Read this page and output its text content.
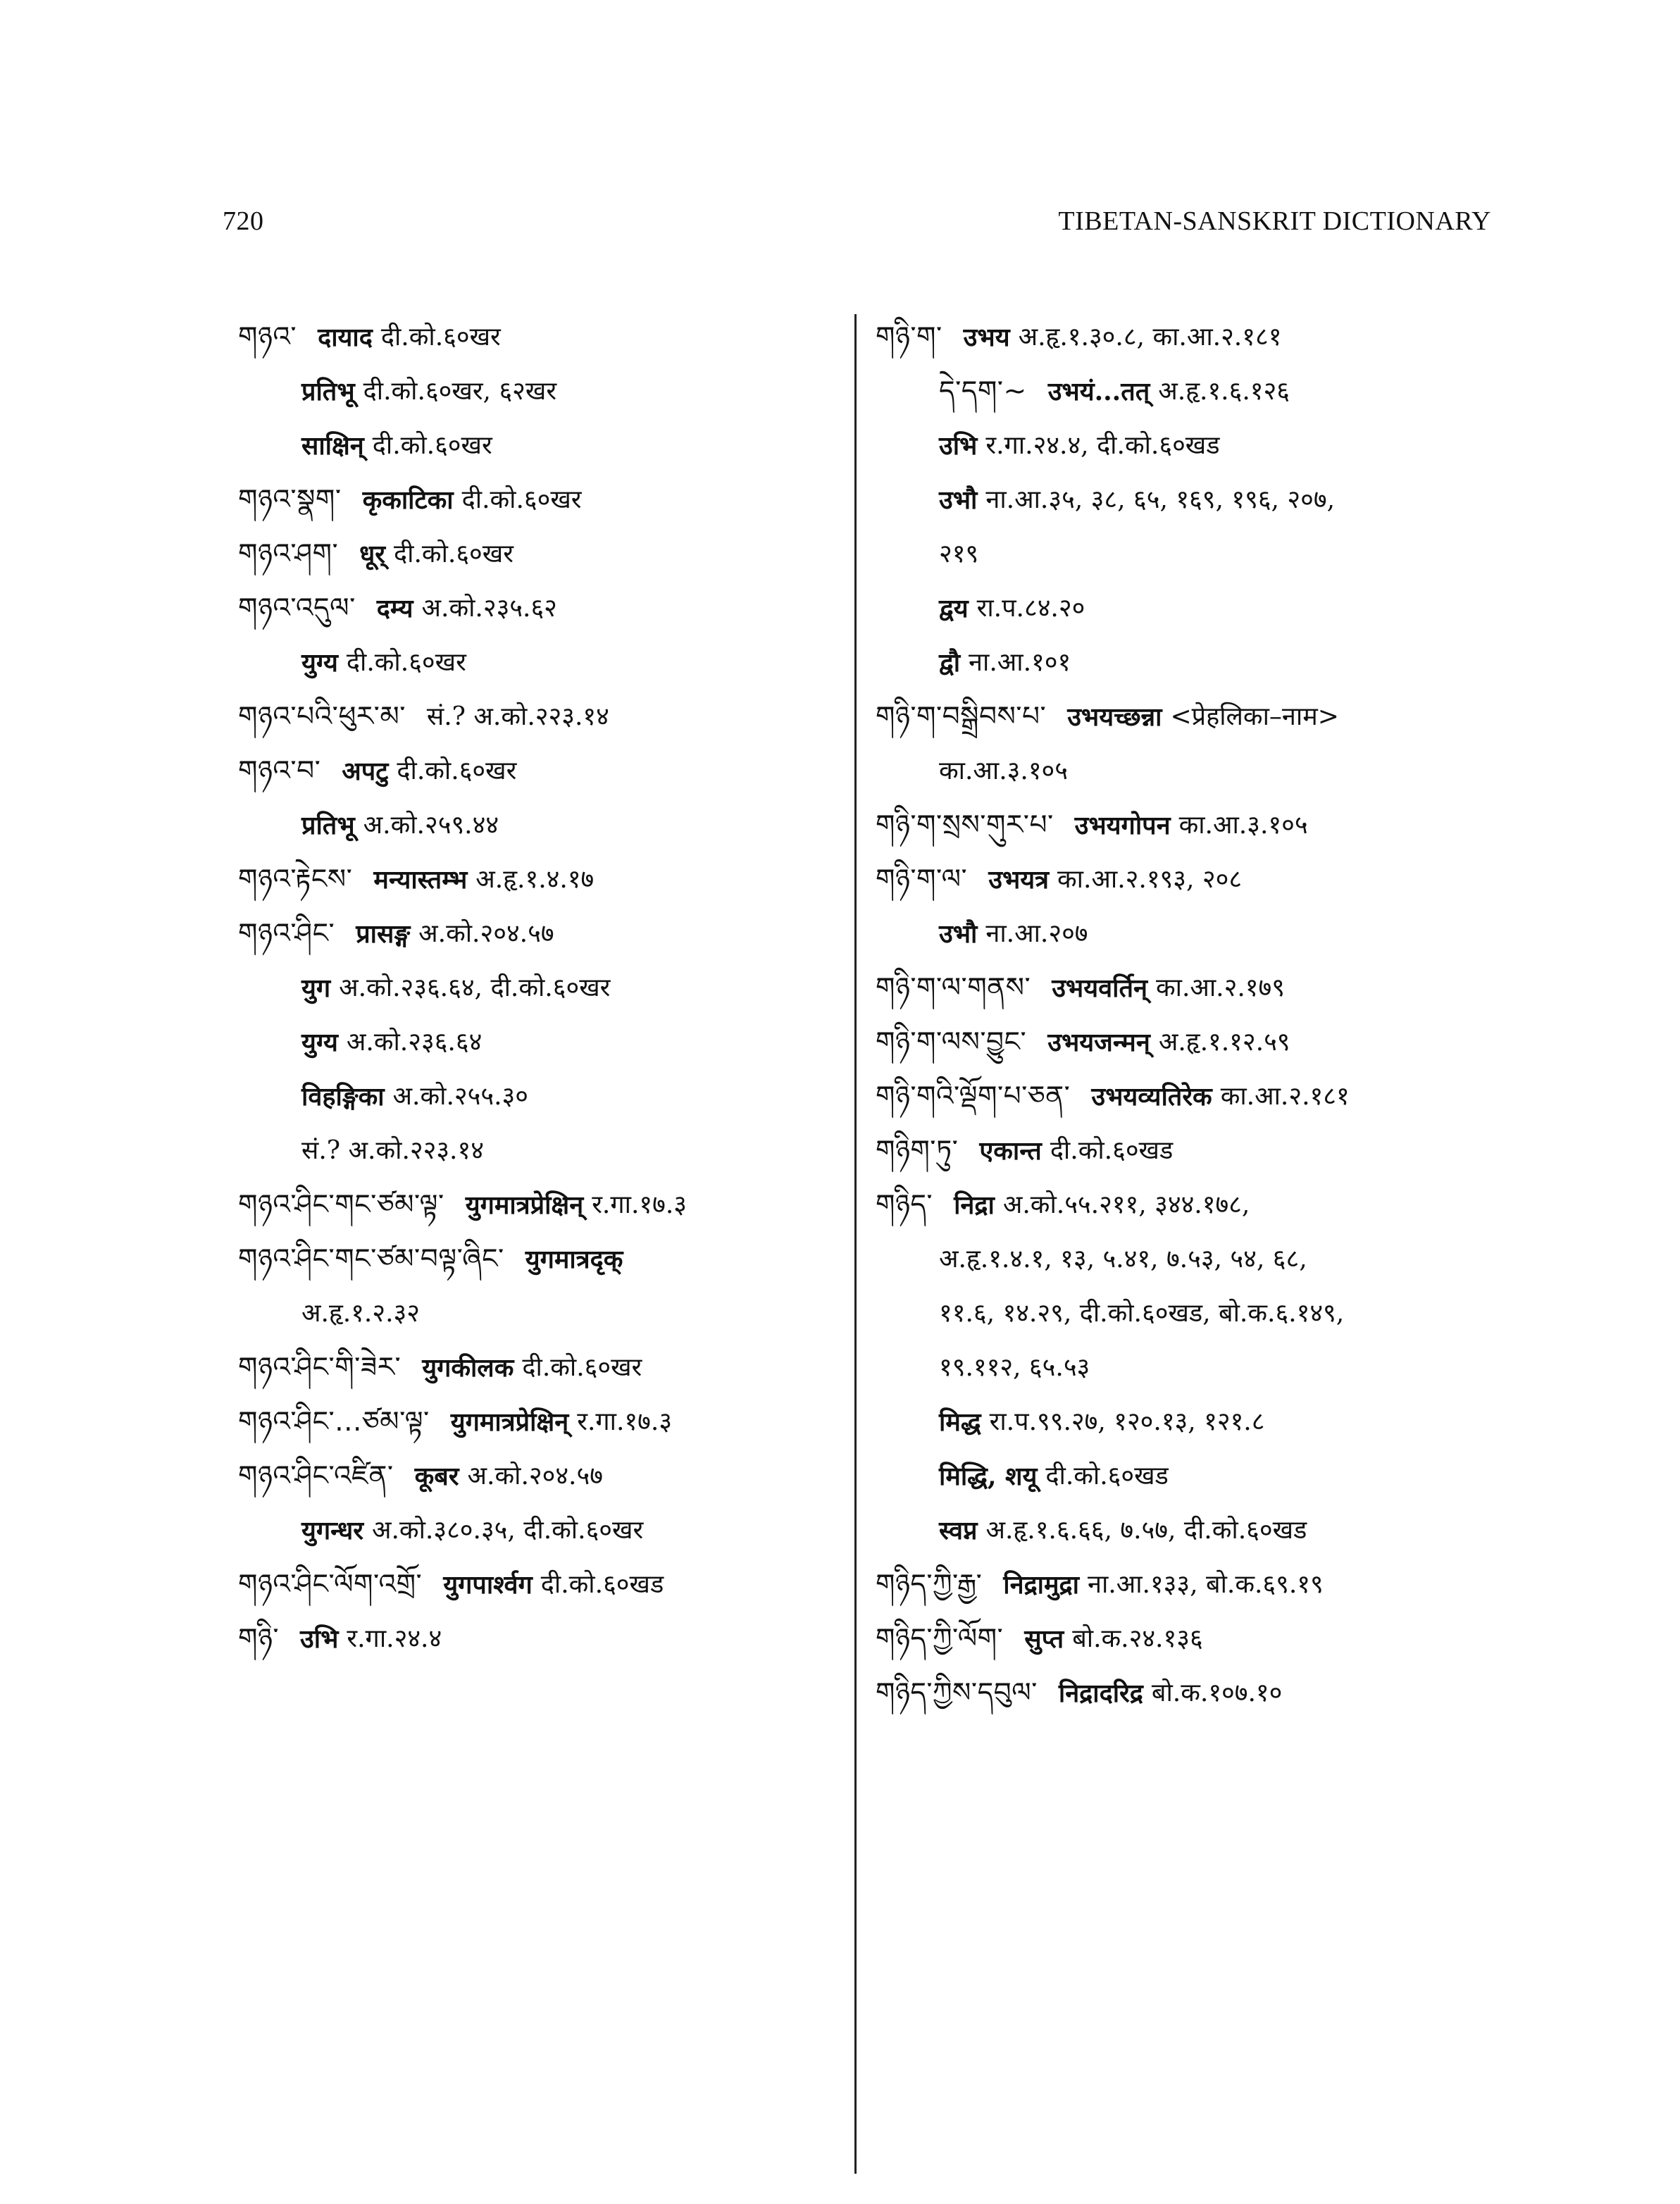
720	TIBETAN-SANSKRIT DICTIONARY
གཉའ་ दायाद दी.को.६०खर
प्रतिभू दी.को.६०खर, ६२खर
साक्षिन् दी.को.६०खर
གཉའ་སྣག་ कृकाटिका दी.को.६०खर
གཉའ་ཤག་ धूर् दी.को.६०खर
གཉའ་འདུལ་ दम्य अ.को.२३५.६२
युग्य दी.को.६०खर
གཉའ་པའི་ཕུར་མ་ सं.? अ.को.२२३.१४
གཉའ་བ་ अपटु दी.को.६०खर
प्रतिभू अ.को.२५९.४४
གཉའ་རྟེངས་ मन्यास्तम्भ अ.हृ.१.४.१७
གཉའ་ཤིང་ प्रासङ्ग अ.को.२०४.५७
युग अ.को.२३६.६४, दी.को.६०खर
युग्य अ.को.२३६.६४
विहङ्गिका अ.को.२५५.३०
सं.? अ.को.२२३.१४
གཉའ་ཤིང་གང་ཙམ་ལྟ་ युगमात्रप्रेक्षिन् र.गा.१७.३
གཉའ་ཤིང་གང་ཙམ་བལྟ་ཞིང་ युगमात्रदृक्
अ.हृ.१.२.३२
གཉའ་ཤིང་གི་ཟེར་ युगकीलक दी.को.६०खर
གཉའ་ཤིང་...ཙམ་ལྟ་ युगमात्रप्रेक्षिन् र.गा.१७.३
གཉའ་ཤིང་འཛིན་ कूबर अ.को.२०४.५७
युगन्धर अ.को.३८०.३५, दी.को.६०खर
གཉའ་ཤིང་ལོག་འགྲོ་ युगपार्श्वग दी.को.६०खड
གཉི་ उभि र.गा.२४.४
གཉི་ག་ उभय अ.हृ.१.३०.८, का.आ.२.१८१
དེ་དག་~ उभयं...तत् अ.हृ.१.६.१२६
उभि र.गा.२४.४, दी.को.६०खड
उभौ ना.आ.३५, ३८, ६५, १६९, १९६, २०७,
२१९
द्वय रा.प.८४.२०
द्वौ ना.आ.१०१
གཉི་ག་བསྒྲིབས་པ་ उभयच्छन्ना <प्रेहलिका–नाम>
का.आ.३.१०५
གཉི་ག་སྲས་གུར་པ་ उभयगोपन का.आ.३.१०५
གཉི་ག་ལ་ उभयत्र का.आ.२.१९३, २०८
उभौ ना.आ.२०७
གཉི་ག་ལ་གནས་ उभयवर्तिन् का.आ.२.१७९
གཉི་ག་ལས་བྱུང་ उभयजन्मन् अ.हृ.१.१२.५९
གཉི་གའི་ལྡོག་པ་ཅན་ उभयव्यतिरेक का.आ.२.१८१
གཉིག་ཏུ་ एकान्त दी.को.६०खड
གཉིད་ निद्रा अ.को.५५.२११, ३४४.१७८,
अ.हृ.१.४.१, १३, ५.४१, ७.५३, ५४, ६८,
११.६, १४.२९, दी.को.६०खड, बो.क.६.१४९,
१९.११२, ६५.५३
मिद्ध रा.प.९९.२७, १२०.१३, १२१.८
मिद्धि, शयू दी.को.६०खड
स्वप्न अ.हृ.१.६.६६, ७.५७, दी.को.६०खड
གཉིད་ཀྱི་རྒྱ་ निद्रामुद्रा ना.आ.१३३, बो.क.६९.१९
གཉིད་ཀྱི་ལོག་ सुप्त बो.क.२४.१३६
གཉིད་ཀྱིས་དབུལ་ निद्रादरिद्र बो.क.१०७.१०
